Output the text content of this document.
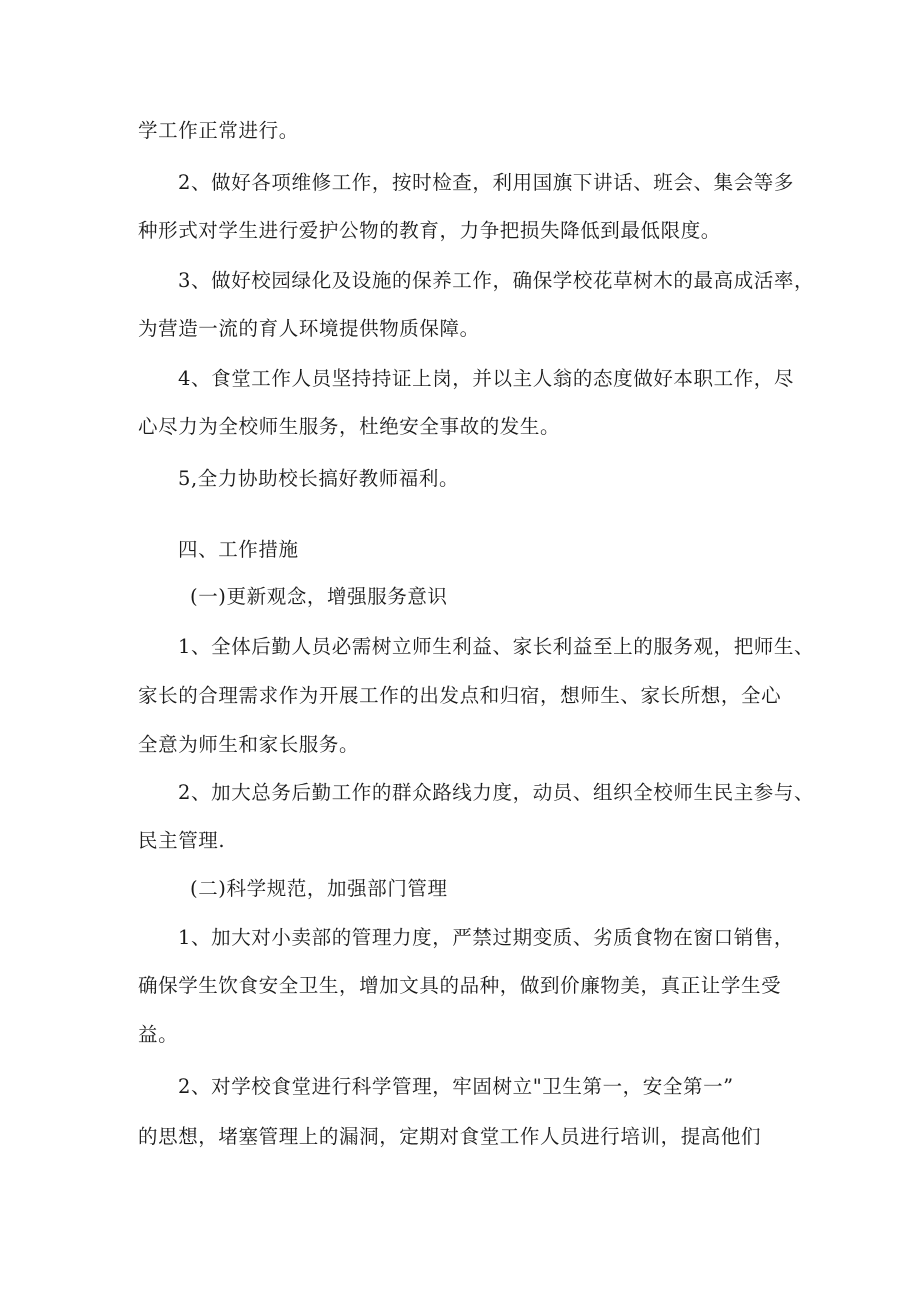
学工作正常进行。
2、做好各项维修工作，按时检查，利用国旗下讲话、班会、集会等多
种形式对学生进行爱护公物的教育，力争把损失降低到最低限度。
3、做好校园绿化及设施的保养工作，确保学校花草树木的最高成活率，
为营造一流的育人环境提供物质保障。
4、食堂工作人员坚持持证上岗，并以主人翁的态度做好本职工作，尽
心尽力为全校师生服务，杜绝安全事故的发生。
5,全力协助校长搞好教师福利。
四、工作措施
(一)更新观念，增强服务意识
1、全体后勤人员必需树立师生利益、家长利益至上的服务观，把师生、
家长的合理需求作为开展工作的出发点和归宿，想师生、家长所想，全心
全意为师生和家长服务。
2、加大总务后勤工作的群众路线力度，动员、组织全校师生民主参与、
民主管理.
(二)科学规范，加强部门管理
1、加大对小卖部的管理力度，严禁过期变质、劣质食物在窗口销售，
确保学生饮食安全卫生，增加文具的品种，做到价廉物美，真正让学生受
益。
2、对学校食堂进行科学管理，牢固树立"卫生第一，安全第一”
的思想，堵塞管理上的漏洞，定期对食堂工作人员进行培训，提高他们
